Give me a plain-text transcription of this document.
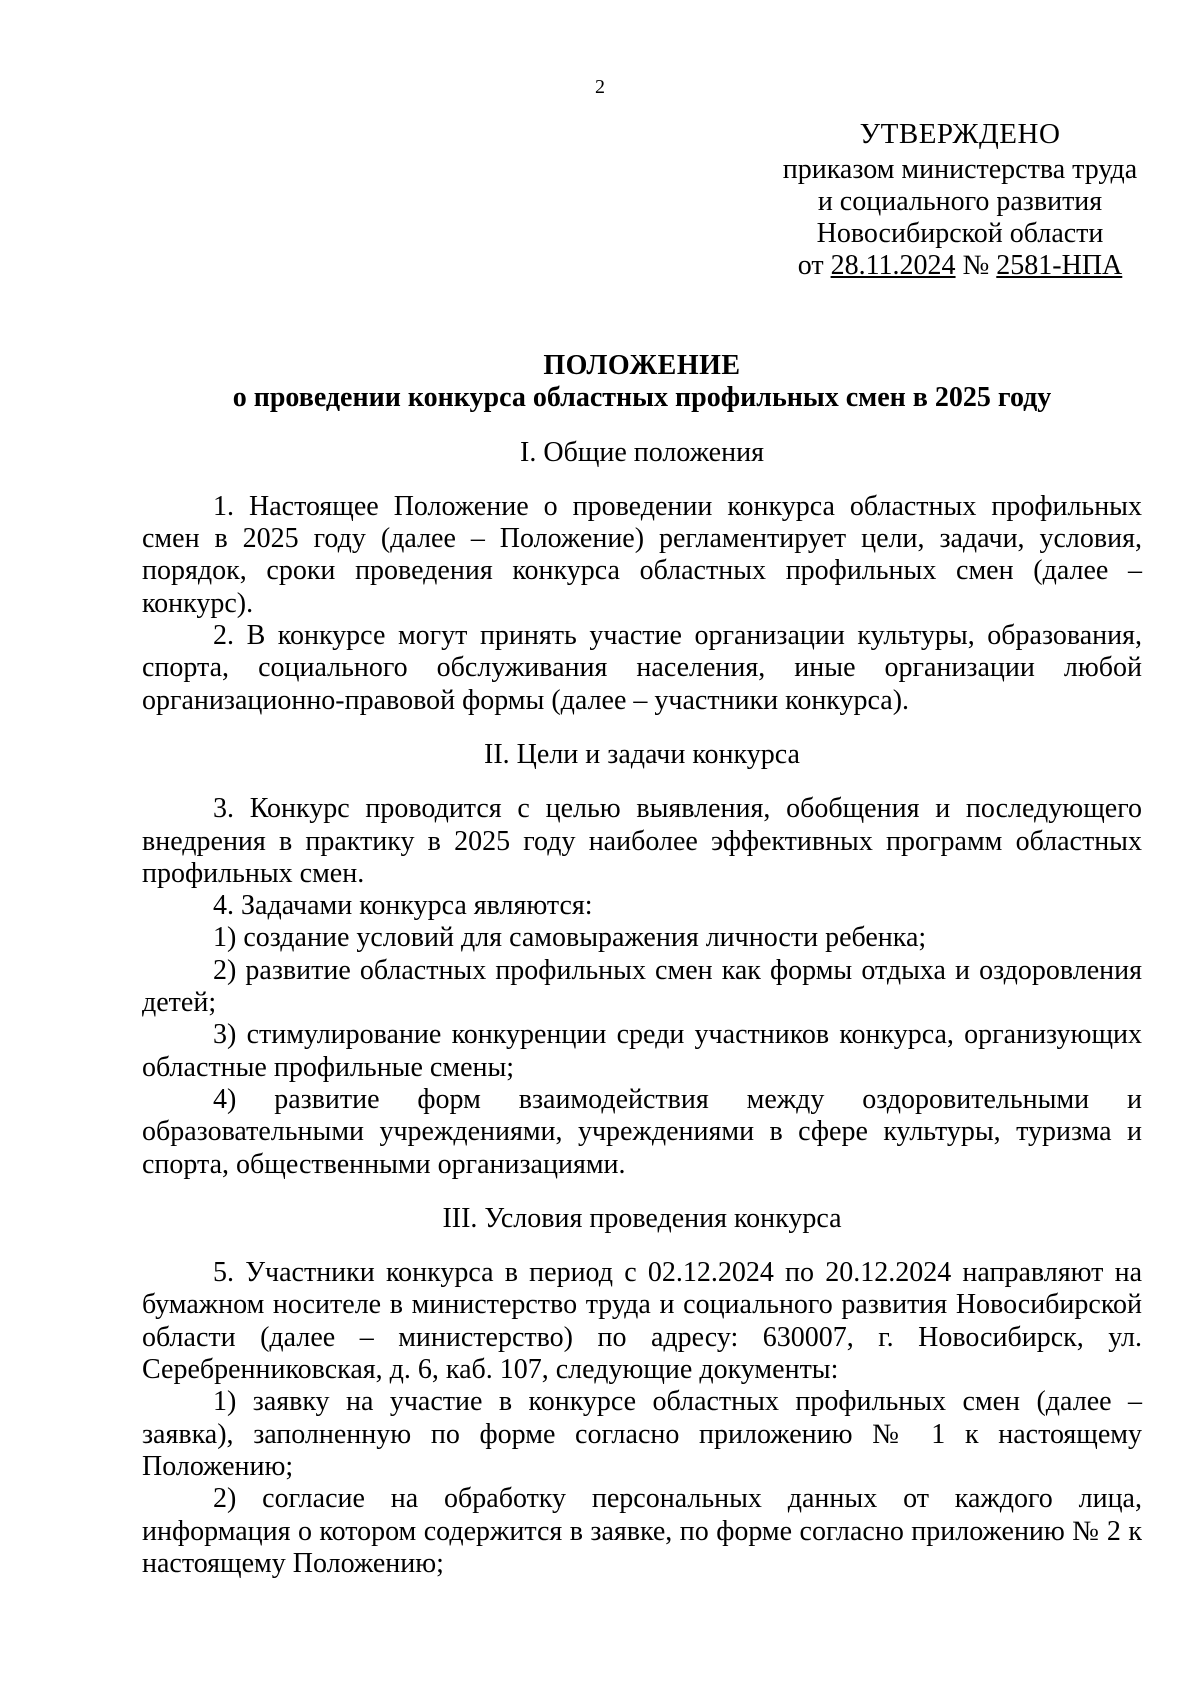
2
УТВЕРЖДЕНО
приказом министерства труда
и социального развития
Новосибирской области
от 28.11.2024 № 2581-НПА
ПОЛОЖЕНИЕ
о проведении конкурса областных профильных смен в 2025 году
I. Общие положения

1. Настоящее Положение о проведении конкурса областных профильных смен в 2025 году (далее – Положение) регламентирует цели, задачи, условия, порядок, сроки проведения конкурса областных профильных смен (далее – конкурс).

2. В конкурсе могут принять участие организации культуры, образования, спорта, социального обслуживания населения, иные организации любой организационно-правовой формы (далее – участники конкурса).

II. Цели и задачи конкурса

3. Конкурс проводится с целью выявления, обобщения и последующего внедрения в практику в 2025 году наиболее эффективных программ областных профильных смен.

4. Задачами конкурса являются:

1) создание условий для самовыражения личности ребенка;

2) развитие областных профильных смен как формы отдыха и оздоровления детей;

3) стимулирование конкуренции среди участников конкурса, организующих областные профильные смены;

4) развитие форм взаимодействия между оздоровительными и образовательными учреждениями, учреждениями в сфере культуры, туризма и спорта, общественными организациями.

III. Условия проведения конкурса

5. Участники конкурса в период с 02.12.2024 по 20.12.2024 направляют на бумажном носителе в министерство труда и социального развития Новосибирской области (далее – министерство) по адресу: 630007, г. Новосибирск, ул. Серебренниковская, д. 6, каб. 107, следующие документы:

1) заявку на участие в конкурсе областных профильных смен (далее – заявка), заполненную по форме согласно приложению № 1 к настоящему Положению;

2) согласие на обработку персональных данных от каждого лица, информация о котором содержится в заявке, по форме согласно приложению № 2 к настоящему Положению;
